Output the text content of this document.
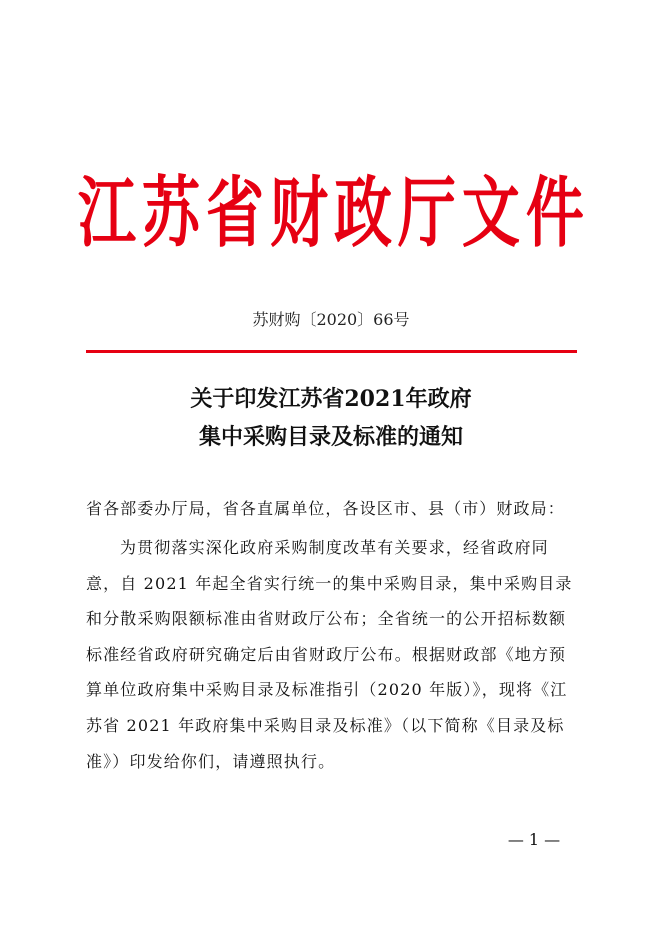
江 苏 省 财 政 厅 文 件
苏财购〔2020〕66号
关于印发江苏省2021年政府
集中采购目录及标准的通知
省各部委办厅局，省各直属单位，各设区市、县（市）财政局：
为贯彻落实深化政府采购制度改革有关要求，经省政府同
意，自 2021 年起全省实行统一的集中采购目录，集中采购目录
和分散采购限额标准由省财政厅公布；全省统一的公开招标数额
标准经省政府研究确定后由省财政厅公布。根据财政部《地方预
算单位政府集中采购目录及标准指引（2020 年版）》，现将《江
苏省 2021 年政府集中采购目录及标准》（以下简称《目录及标
准》）印发给你们，请遵照执行。
— 1 —
